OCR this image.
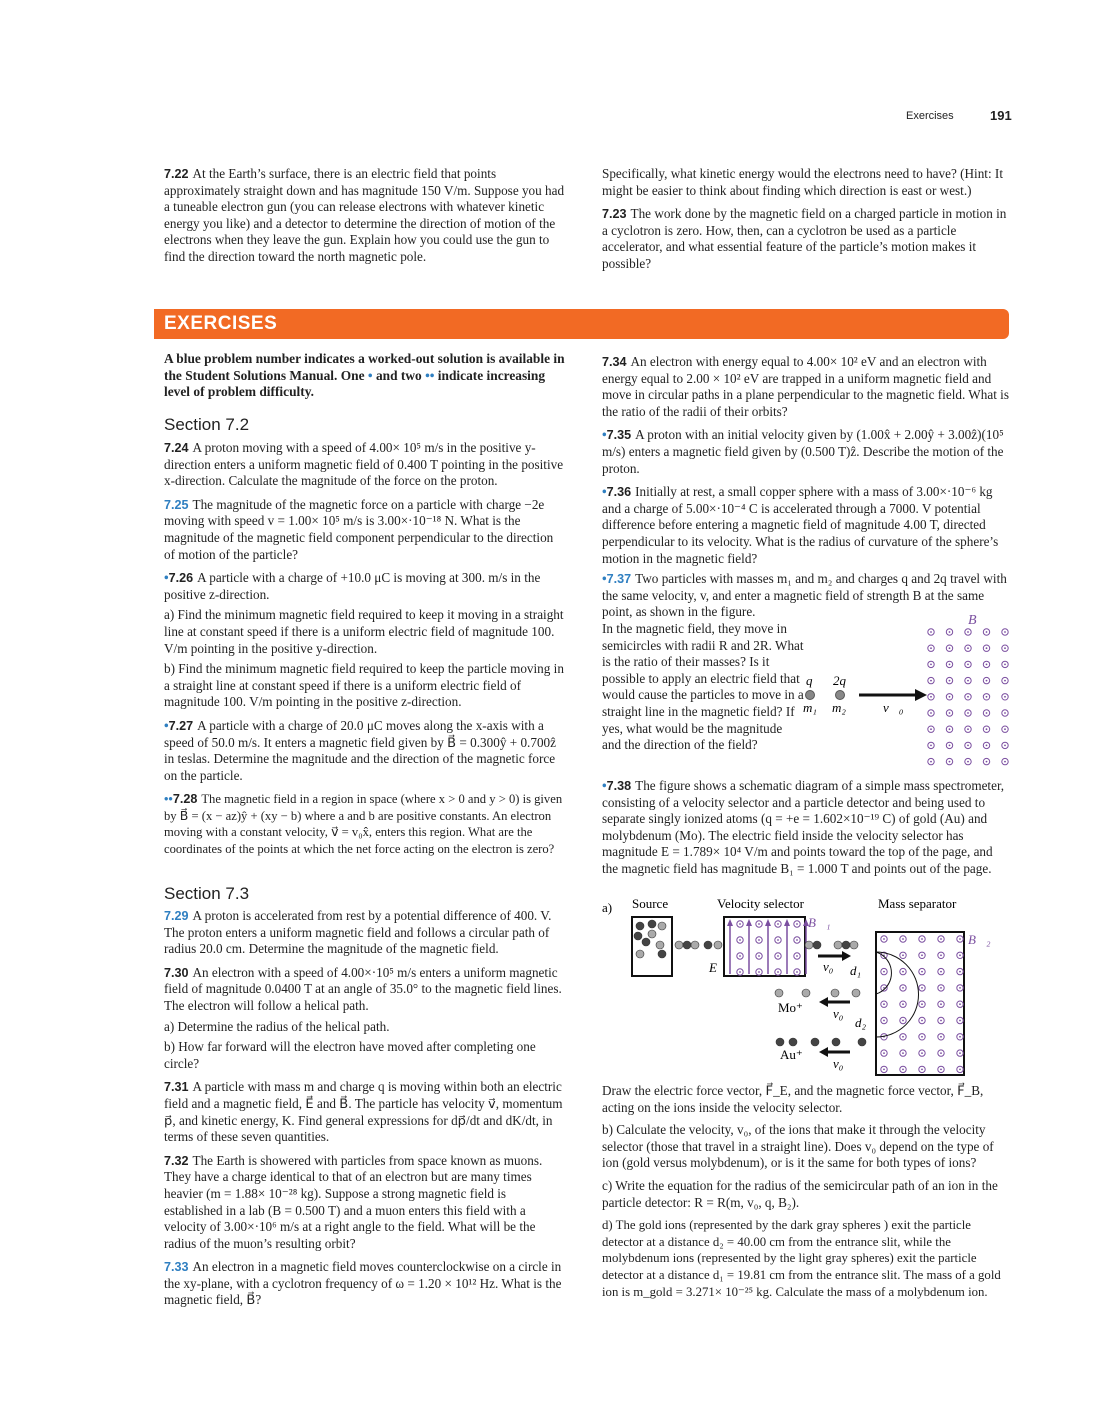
Exercises	191

7.22 At the Earth’s surface, there is an electric field that points approximately straight down and has magnitude 150 V/m. Suppose you had a tuneable electron gun (you can release electrons with whatever kinetic energy you like) and a detector to determine the direction of motion of the electrons when they leave the gun. Explain how you could use the gun to find the direction toward the north magnetic pole.

Specifically, what kinetic energy would the electrons need to have? (Hint: It might be easier to think about finding which direction is east or west.)

7.23 The work done by the magnetic field on a charged particle in motion in a cyclotron is zero. How, then, can a cyclotron be used as a particle accelerator, and what essential feature of the particle’s motion makes it possible?

EXERCISES
A blue problem number indicates a worked-out solution is available in the Student Solutions Manual. One • and two •• indicate increasing level of problem difficulty.
Section 7.2

7.24 A proton moving with a speed of 4.00× 10⁵ m/s in the positive y-direction enters a uniform magnetic field of 0.400 T pointing in the positive x-direction. Calculate the magnitude of the force on the proton.

7.25 The magnitude of the magnetic force on a particle with charge −2e moving with speed v = 1.00× 10⁵ m/s is 3.00×·10⁻¹⁸ N. What is the magnitude of the magnetic field component perpendicular to the direction of motion of the particle?

•7.26 A particle with a charge of +10.0 μC is moving at 300. m/s in the positive z-direction.

a) Find the minimum magnetic field required to keep it moving in a straight line at constant speed if there is a uniform electric field of magnitude 100. V/m pointing in the positive y-direction.

b) Find the minimum magnetic field required to keep the particle moving in a straight line at constant speed if there is a uniform electric field of magnitude 100. V/m pointing in the positive z-direction.

•7.27 A particle with a charge of 20.0 μC moves along the x-axis with a speed of 50.0 m/s. It enters a magnetic field given by B⃗ = 0.300ŷ + 0.700ẑ in teslas. Determine the magnitude and the direction of the magnetic force on the particle.

••7.28 The magnetic field in a region in space (where x > 0 and y > 0) is given by B⃗ = (x − az)ŷ + (xy − b) where a and b are positive constants. An electron moving with a constant velocity, v⃗ = v₀x̂, enters this region. What are the coordinates of the points at which the net force acting on the electron is zero?

Section 7.3

7.29 A proton is accelerated from rest by a potential difference of 400. V. The proton enters a uniform magnetic field and follows a circular path of radius 20.0 cm. Determine the magnitude of the magnetic field.

7.30 An electron with a speed of 4.00×·10⁵ m/s enters a uniform magnetic field of magnitude 0.0400 T at an angle of 35.0° to the magnetic field lines. The electron will follow a helical path.

a) Determine the radius of the helical path.

b) How far forward will the electron have moved after completing one circle?

7.31 A particle with mass m and charge q is moving within both an electric field and a magnetic field, E⃗ and B⃗. The particle has velocity v⃗, momentum p⃗, and kinetic energy, K. Find general expressions for dp⃗/dt and dK/dt, in terms of these seven quantities.

7.32 The Earth is showered with particles from space known as muons. They have a charge identical to that of an electron but are many times heavier (m = 1.88× 10⁻²⁸ kg). Suppose a strong magnetic field is established in a lab (B = 0.500 T) and a muon enters this field with a velocity of 3.00×·10⁶ m/s at a right angle to the field. What will be the radius of the muon’s resulting orbit?

7.33 An electron in a magnetic field moves counterclockwise on a circle in the xy-plane, with a cyclotron frequency of ω = 1.20 × 10¹² Hz. What is the magnetic field, B⃗?

7.34 An electron with energy equal to 4.00× 10² eV and an electron with energy equal to 2.00 × 10² eV are trapped in a uniform magnetic field and move in circular paths in a plane perpendicular to the magnetic field. What is the ratio of the radii of their orbits?

•7.35 A proton with an initial velocity given by (1.00x̂ + 2.00ŷ + 3.00ẑ)(10⁵ m/s) enters a magnetic field given by (0.500 T)ẑ. Describe the motion of the proton.

•7.36 Initially at rest, a small copper sphere with a mass of 3.00×·10⁻⁶ kg and a charge of 5.00×·10⁻⁴ C is accelerated through a 7000. V potential difference before entering a magnetic field of magnitude 4.00 T, directed perpendicular to its velocity. What is the radius of curvature of the sphere’s motion in the magnetic field?

•7.37 Two particles with masses m₁ and m₂ and charges q and 2q travel with the same velocity, v, and enter a magnetic field of strength B at the same point, as shown in the figure.

In the magnetic field, they move in semicircles with radii R and 2R. What is the ratio of their masses? Is it possible to apply an electric field that would cause the particles to move in a straight line in the magnetic field? If yes, what would be the magnitude and the direction of the field?
B⃗
q 2q
m₁ m₂	v⃗₀

•7.38 The figure shows a schematic diagram of a simple mass spectrometer, consisting of a velocity selector and a particle detector and being used to separate singly ionized atoms (q = +e = 1.602×10⁻¹⁹ C) of gold (Au) and molybdenum (Mo). The electric field inside the velocity selector has magnitude E = 1.789× 10⁴ V/m and points toward the top of the page, and the magnetic field has magnitude B₁ = 1.000 T and points out of the page.

a) Source	Velocity selector	Mass separator
B⃗₁
B⃗₂
E⃗	v₀ d₁
v₀
Mo⁺
d₂
v₀
Au⁺

Draw the electric force vector, F⃗_E, and the magnetic force vector, F⃗_B, acting on the ions inside the velocity selector.

b) Calculate the velocity, v₀, of the ions that make it through the velocity selector (those that travel in a straight line). Does v₀ depend on the type of ion (gold versus molybdenum), or is it the same for both types of ions?

c) Write the equation for the radius of the semicircular path of an ion in the particle detector: R = R(m, v₀, q, B₂).

d) The gold ions (represented by the dark gray spheres ) exit the particle detector at a distance d₂ = 40.00 cm from the entrance slit, while the molybdenum ions (represented by the light gray spheres) exit the particle detector at a distance d₁ = 19.81 cm from the entrance slit. The mass of a gold ion is m_gold = 3.271× 10⁻²⁵ kg. Calculate the mass of a molybdenum ion.
